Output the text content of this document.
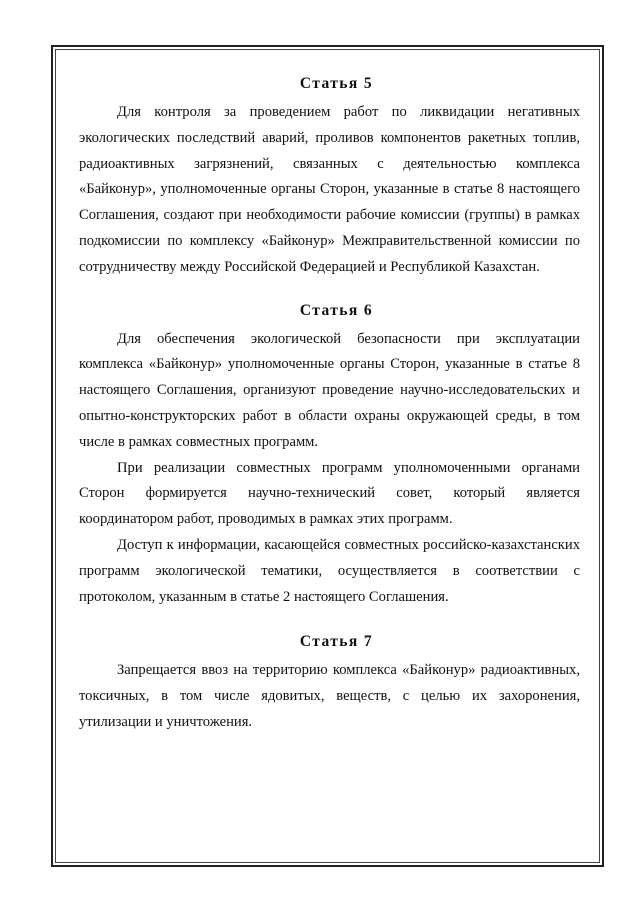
Статья 5

Для контроля за проведением работ по ликвидации негативных экологических последствий аварий, проливов компонентов ракетных топлив, радиоактивных загрязнений, связанных с деятельностью комплекса «Байконур», уполномоченные органы Сторон, указанные в статье 8 настоящего Соглашения, создают при необходимости рабочие комиссии (группы) в рамках подкомиссии по комплексу «Байконур» Межправительственной комиссии по сотрудничеству между Российской Федерацией и Республикой Казахстан.

Статья 6

Для обеспечения экологической безопасности при эксплуатации комплекса «Байконур» уполномоченные органы Сторон, указанные в статье 8 настоящего Соглашения, организуют проведение научно-исследовательских и опытно-конструкторских работ в области охраны окружающей среды, в том числе в рамках совместных программ.

При реализации совместных программ уполномоченными органами Сторон формируется научно-технический совет, который является координатором работ, проводимых в рамках этих программ.

Доступ к информации, касающейся совместных российско-казахстанских программ экологической тематики, осуществляется в соответствии с протоколом, указанным в статье 2 настоящего Соглашения.

Статья 7

Запрещается ввоз на территорию комплекса «Байконур» радиоактивных, токсичных, в том числе ядовитых, веществ, с целью их захоронения, утилизации и уничтожения.
